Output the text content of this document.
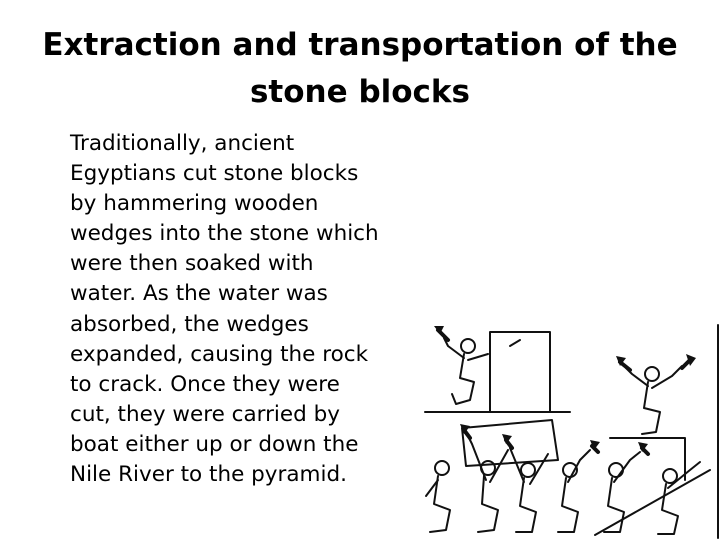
Extraction and transportation of the
stone blocks

Traditionally, ancient
Egyptians cut stone blocks
by hammering wooden
wedges into the stone which
were then soaked with
water. As the water was
absorbed, the wedges
expanded, causing the rock
to crack. Once they were
cut, they were carried by
boat either up or down the
Nile River to the pyramid.
